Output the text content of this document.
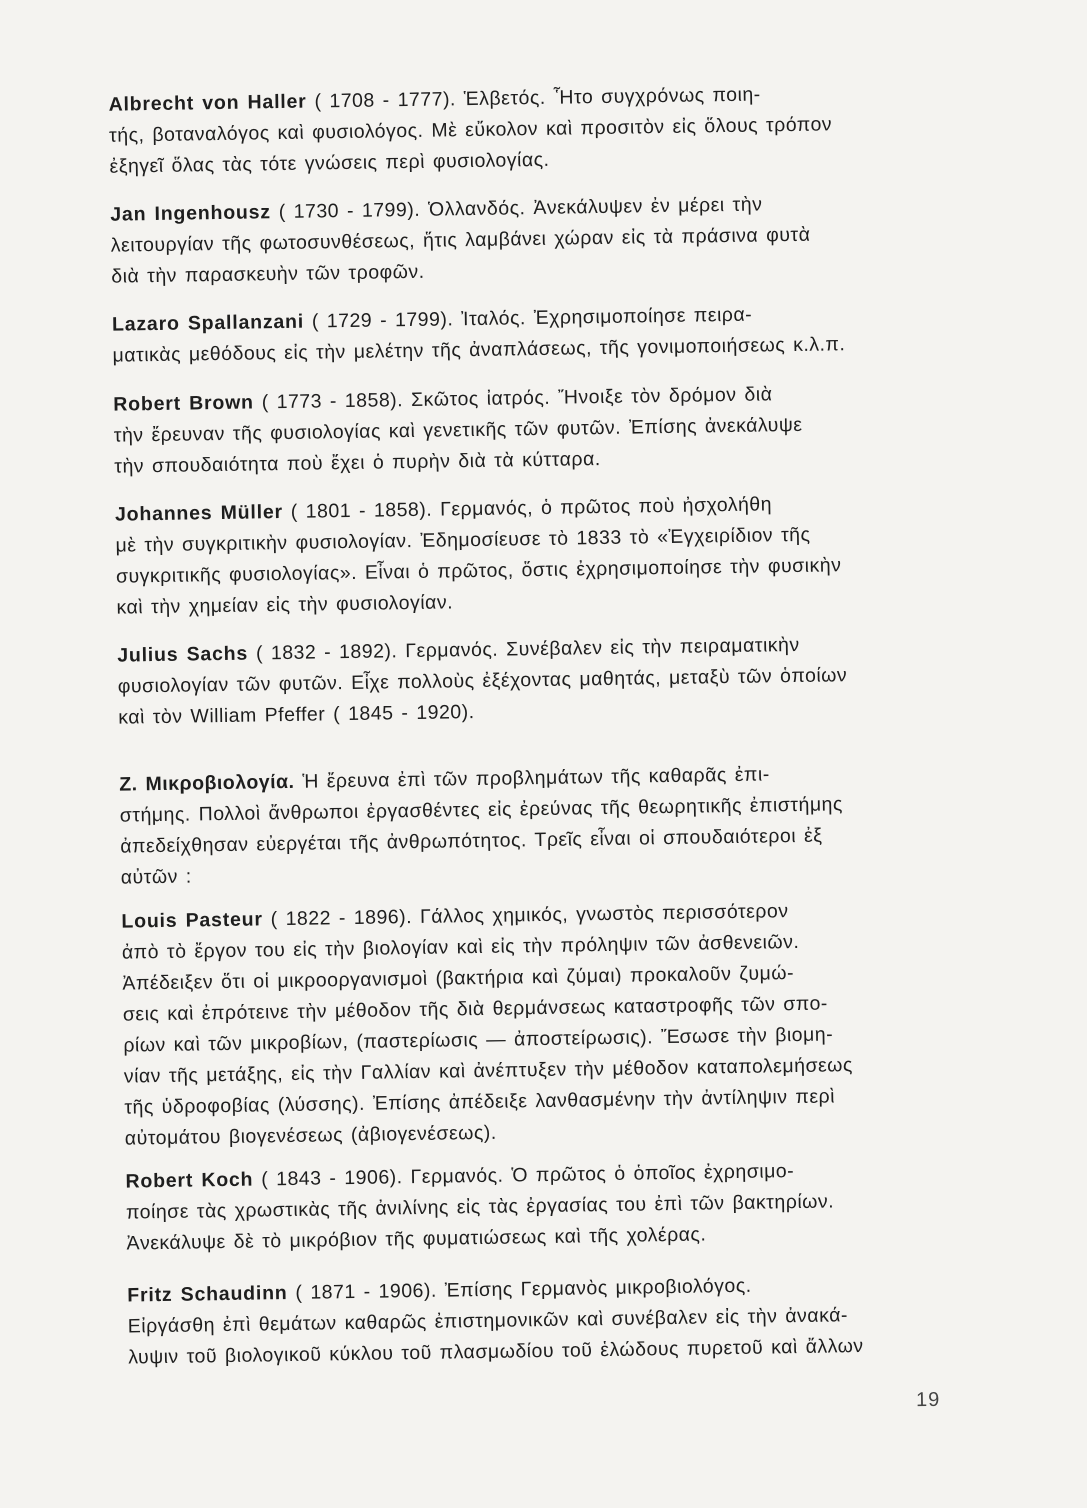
Albrecht von Haller ( 1708 - 1777). Ἑλβετός. Ἧτο συγχρόνως ποιη-
τής, βοταναλόγος καὶ φυσιολόγος. Μὲ εὔκολον καὶ προσιτὸν εἰς ὅλους τρόπον
ἐξηγεῖ ὅλας τὰς τότε γνώσεις περὶ φυσιολογίας.
Jan Ingenhousz ( 1730 - 1799). Ὁλλανδός. Ἀνεκάλυψεν ἐν μέρει τὴν
λειτουργίαν τῆς φωτοσυνθέσεως, ἥτις λαμβάνει χώραν εἰς τὰ πράσινα φυτὰ
διὰ τὴν παρασκευὴν τῶν τροφῶν.
Lazaro Spallanzani ( 1729 - 1799). Ἰταλός. Ἐχρησιμοποίησε πειρα-
ματικὰς μεθόδους εἰς τὴν μελέτην τῆς ἀναπλάσεως, τῆς γονιμοποιήσεως κ.λ.π.
Robert Brown ( 1773 - 1858). Σκῶτος ἰατρός. Ἤνοιξε τὸν δρόμον διὰ
τὴν ἔρευναν τῆς φυσιολογίας καὶ γενετικῆς τῶν φυτῶν. Ἐπίσης ἀνεκάλυψε
τὴν σπουδαιότητα ποὺ ἔχει ὁ πυρὴν διὰ τὰ κύτταρα.
Johannes Müller ( 1801 - 1858). Γερμανός, ὁ πρῶτος ποὺ ἠσχολήθη
μὲ τὴν συγκριτικὴν φυσιολογίαν. Ἐδημοσίευσε τὸ 1833 τὸ «Ἐγχειρίδιον τῆς
συγκριτικῆς φυσιολογίας». Εἶναι ὁ πρῶτος, ὅστις ἐχρησιμοποίησε τὴν φυσικὴν
καὶ τὴν χημείαν εἰς τὴν φυσιολογίαν.
Julius Sachs ( 1832 - 1892). Γερμανός. Συνέβαλεν εἰς τὴν πειραματικὴν
φυσιολογίαν τῶν φυτῶν. Εἶχε πολλοὺς ἐξέχοντας μαθητάς, μεταξὺ τῶν ὁποίων
καὶ τὸν William Pfeffer ( 1845 - 1920).
Z. Μικροβιολογία. Ἡ ἔρευνα ἐπὶ τῶν προβλημάτων τῆς καθαρᾶς ἐπι-
στήμης. Πολλοὶ ἄνθρωποι ἐργασθέντες εἰς ἐρεύνας τῆς θεωρητικῆς ἐπιστήμης
ἀπεδείχθησαν εὐεργέται τῆς ἀνθρωπότητος. Τρεῖς εἶναι οἱ σπουδαιότεροι ἐξ
αὐτῶν :
Louis Pasteur ( 1822 - 1896). Γάλλος χημικός, γνωστὸς περισσότερον
ἀπὸ τὸ ἔργον του εἰς τὴν βιολογίαν καὶ εἰς τὴν πρόληψιν τῶν ἀσθενειῶν.
Ἀπέδειξεν ὅτι οἱ μικροοργανισμοὶ (βακτήρια καὶ ζύμαι) προκαλοῦν ζυμώ-
σεις καὶ ἐπρότεινε τὴν μέθοδον τῆς διὰ θερμάνσεως καταστροφῆς τῶν σπο-
ρίων καὶ τῶν μικροβίων, (παστερίωσις — ἀποστείρωσις). Ἔσωσε τὴν βιομη-
νίαν τῆς μετάξης, εἰς τὴν Γαλλίαν καὶ ἀνέπτυξεν τὴν μέθοδον καταπολεμήσεως
τῆς ὑδροφοβίας (λύσσης). Ἐπίσης ἀπέδειξε λανθασμένην τὴν ἀντίληψιν περὶ
αὐτομάτου βιογενέσεως (ἀβιογενέσεως).
Robert Koch ( 1843 - 1906). Γερμανός. Ὁ πρῶτος ὁ ὁποῖος ἐχρησιμο-
ποίησε τὰς χρωστικὰς τῆς ἀνιλίνης εἰς τὰς ἐργασίας του ἐπὶ τῶν βακτηρίων.
Ἀνεκάλυψε δὲ τὸ μικρόβιον τῆς φυματιώσεως καὶ τῆς χολέρας.
Fritz Schaudinn ( 1871 - 1906). Ἐπίσης Γερμανὸς μικροβιολόγος.
Εἰργάσθη ἐπὶ θεμάτων καθαρῶς ἐπιστημονικῶν καὶ συνέβαλεν εἰς τὴν ἀνακά-
λυψιν τοῦ βιολογικοῦ κύκλου τοῦ πλασμωδίου τοῦ ἑλώδους πυρετοῦ καὶ ἄλλων
19
